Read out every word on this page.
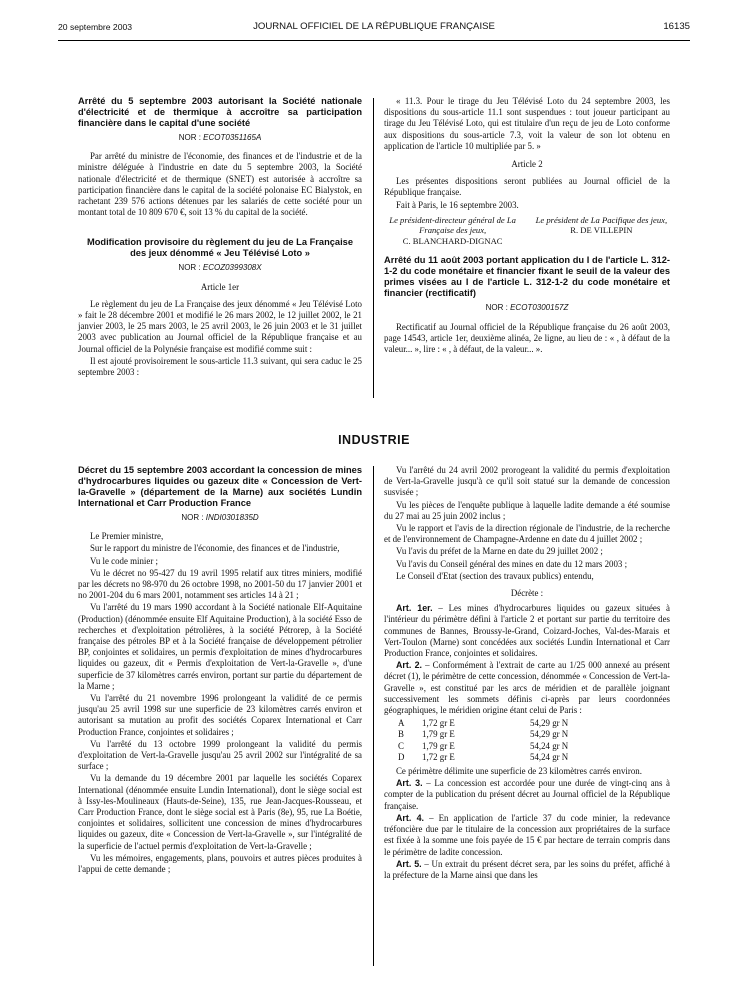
20 septembre 2003	JOURNAL OFFICIEL DE LA RÉPUBLIQUE FRANÇAISE	16135
Arrêté du 5 septembre 2003 autorisant la Société nationale d'électricité et de thermique à accroître sa participation financière dans le capital d'une société
NOR : ECOT0351165A

Par arrêté du ministre de l'économie, des finances et de l'industrie et de la ministre déléguée à l'industrie en date du 5 septembre 2003, la Société nationale d'électricité et de thermique (SNET) est autorisée à accroître sa participation financière dans le capital de la société polonaise EC Bialystok, en rachetant 239 576 actions détenues par les salariés de cette société pour un montant total de 10 809 670 €, soit 13 % du capital de la société.

Modification provisoire du règlement du jeu de La Française des jeux dénommé « Jeu Télévisé Loto »
NOR : ECOZ0399308X
Article 1er

Le règlement du jeu de La Française des jeux dénommé « Jeu Télévisé Loto » fait le 28 décembre 2001 et modifié le 26 mars 2002, le 12 juillet 2002, le 21 janvier 2003, le 25 mars 2003, le 25 avril 2003, le 26 juin 2003 et le 31 juillet 2003 avec publication au Journal officiel de la République française et au Journal officiel de la Polynésie française est modifié comme suit :

Il est ajouté provisoirement le sous-article 11.3 suivant, qui sera caduc le 25 septembre 2003 :

« 11.3. Pour le tirage du Jeu Télévisé Loto du 24 septembre 2003, les dispositions du sous-article 11.1 sont suspendues : tout joueur participant au tirage du Jeu Télévisé Loto, qui est titulaire d'un reçu de jeu de Loto conforme aux dispositions du sous-article 7.3, voit la valeur de son lot obtenu en application de l'article 10 multipliée par 5. »

Article 2

Les présentes dispositions seront publiées au Journal officiel de la République française.

Fait à Paris, le 16 septembre 2003.

Le président-directeur général de La Française des jeux,
C. BLANCHARD-DIGNAC
Le président de La Pacifique des jeux,
R. DE VILLEPIN
Arrêté du 11 août 2003 portant application du I de l'article L. 312-1-2 du code monétaire et financier fixant le seuil de la valeur des primes visées au I de l'article L. 312-1-2 du code monétaire et financier (rectificatif)
NOR : ECOT0300157Z

Rectificatif au Journal officiel de la République française du 26 août 2003, page 14543, article 1er, deuxième alinéa, 2e ligne, au lieu de : « , à défaut de la valeur... », lire : « , à défaut, de la valeur... ».

INDUSTRIE
Décret du 15 septembre 2003 accordant la concession de mines d'hydrocarbures liquides ou gazeux dite « Concession de Vert-la-Gravelle » (département de la Marne) aux sociétés Lundin International et Carr Production France
NOR : INDI0301835D

Le Premier ministre,

Sur le rapport du ministre de l'économie, des finances et de l'industrie,

Vu le code minier ;

Vu le décret no 95-427 du 19 avril 1995 relatif aux titres miniers, modifié par les décrets no 98-970 du 26 octobre 1998, no 2001-50 du 17 janvier 2001 et no 2001-204 du 6 mars 2001, notamment ses articles 14 à 21 ;

Vu l'arrêté du 19 mars 1990 accordant à la Société nationale Elf-Aquitaine (Production) (dénommée ensuite Elf Aquitaine Production), à la société Esso de recherches et d'exploitation pétrolières, à la société Pétrorep, à la Société française des pétroles BP et à la Société française de développement pétrolier BP, conjointes et solidaires, un permis d'exploitation de mines d'hydrocarbures liquides ou gazeux, dit « Permis d'exploitation de Vert-la-Gravelle », d'une superficie de 37 kilomètres carrés environ, portant sur partie du département de la Marne ;

Vu l'arrêté du 21 novembre 1996 prolongeant la validité de ce permis jusqu'au 25 avril 1998 sur une superficie de 23 kilomètres carrés environ et autorisant sa mutation au profit des sociétés Coparex International et Carr Production France, conjointes et solidaires ;

Vu l'arrêté du 13 octobre 1999 prolongeant la validité du permis d'exploitation de Vert-la-Gravelle jusqu'au 25 avril 2002 sur l'intégralité de sa surface ;

Vu la demande du 19 décembre 2001 par laquelle les sociétés Coparex International (dénommée ensuite Lundin International), dont le siège social est à Issy-les-Moulineaux (Hauts-de-Seine), 135, rue Jean-Jacques-Rousseau, et Carr Production France, dont le siège social est à Paris (8e), 95, rue La Boétie, conjointes et solidaires, sollicitent une concession de mines d'hydrocarbures liquides ou gazeux, dite « Concession de Vert-la-Gravelle », sur l'intégralité de la superficie de l'actuel permis d'exploitation de Vert-la-Gravelle ;

Vu les mémoires, engagements, plans, pouvoirs et autres pièces produites à l'appui de cette demande ;

Vu l'arrêté du 24 avril 2002 prorogeant la validité du permis d'exploitation de Vert-la-Gravelle jusqu'à ce qu'il soit statué sur la demande de concession susvisée ;

Vu les pièces de l'enquête publique à laquelle ladite demande a été soumise du 27 mai au 25 juin 2002 inclus ;

Vu le rapport et l'avis de la direction régionale de l'industrie, de la recherche et de l'environnement de Champagne-Ardenne en date du 4 juillet 2002 ;

Vu l'avis du préfet de la Marne en date du 29 juillet 2002 ;

Vu l'avis du Conseil général des mines en date du 12 mars 2003 ;

Le Conseil d'Etat (section des travaux publics) entendu,

Décrète :

Art. 1er. – Les mines d'hydrocarbures liquides ou gazeux situées à l'intérieur du périmètre défini à l'article 2 et portant sur partie du territoire des communes de Bannes, Broussy-le-Grand, Coizard-Joches, Val-des-Marais et Vert-Toulon (Marne) sont concédées aux sociétés Lundin International et Carr Production France, conjointes et solidaires.

Art. 2. – Conformément à l'extrait de carte au 1/25 000 annexé au présent décret (1), le périmètre de cette concession, dénommée « Concession de Vert-la-Gravelle », est constitué par les arcs de méridien et de parallèle joignant successivement les sommets définis ci-après par leurs coordonnées géographiques, le méridien origine étant celui de Paris :

A	1,72 gr E	54,29 gr N
B	1,79 gr E	54,29 gr N
C	1,79 gr E	54,24 gr N
D	1,72 gr E	54,24 gr N

Ce périmètre délimite une superficie de 23 kilomètres carrés environ.

Art. 3. – La concession est accordée pour une durée de vingt-cinq ans à compter de la publication du présent décret au Journal officiel de la République française.

Art. 4. – En application de l'article 37 du code minier, la redevance tréfoncière due par le titulaire de la concession aux propriétaires de la surface est fixée à la somme une fois payée de 15 € par hectare de terrain compris dans le périmètre de ladite concession.

Art. 5. – Un extrait du présent décret sera, par les soins du préfet, affiché à la préfecture de la Marne ainsi que dans les
